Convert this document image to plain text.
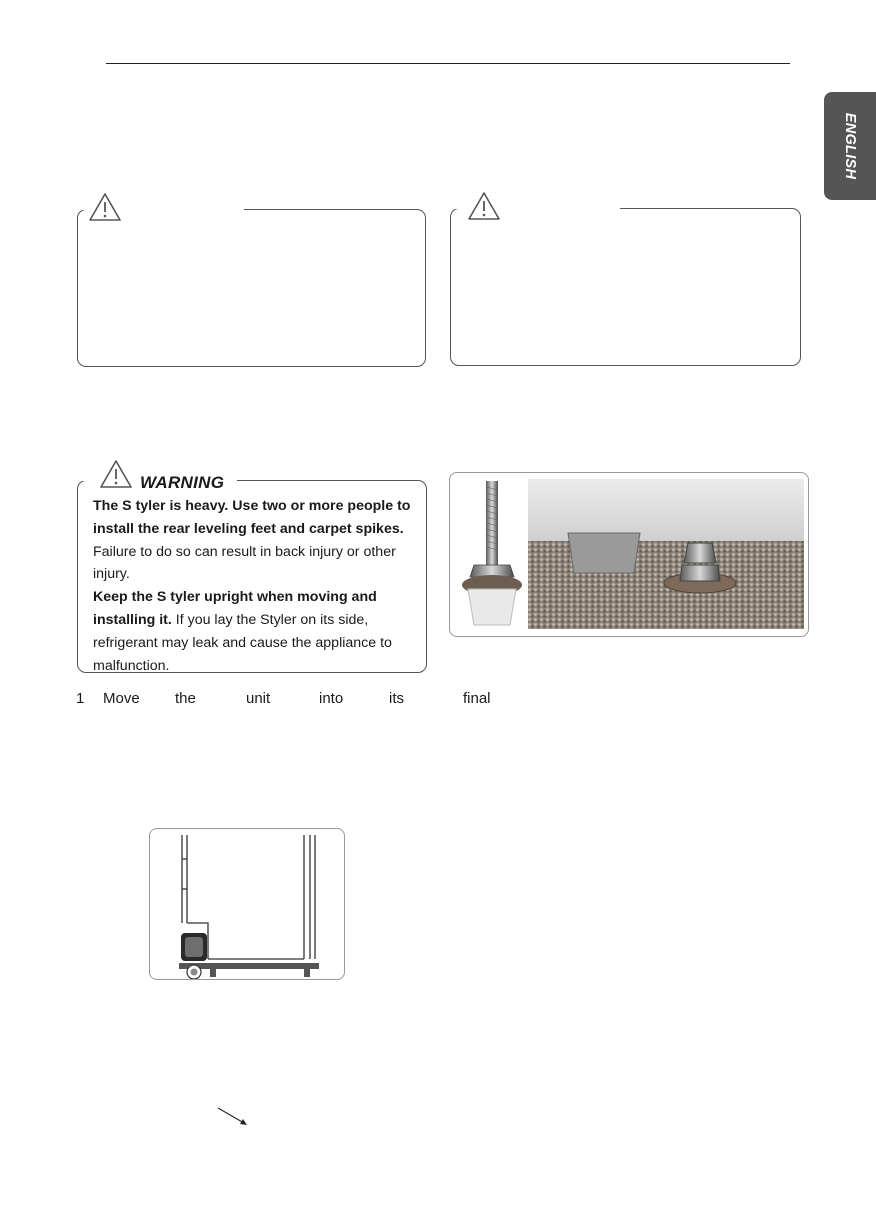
ENGLISH
WARNING
The S tyler is heavy. Use two or more people to install the rear leveling feet and carpet spikes. Failure to do so can result in back injury or other injury.
Keep the S tyler upright when moving and installing it. If you lay the Styler on its side, refrigerant may leak and cause the appliance to malfunction.
1 Move the	unit	into	its	final
